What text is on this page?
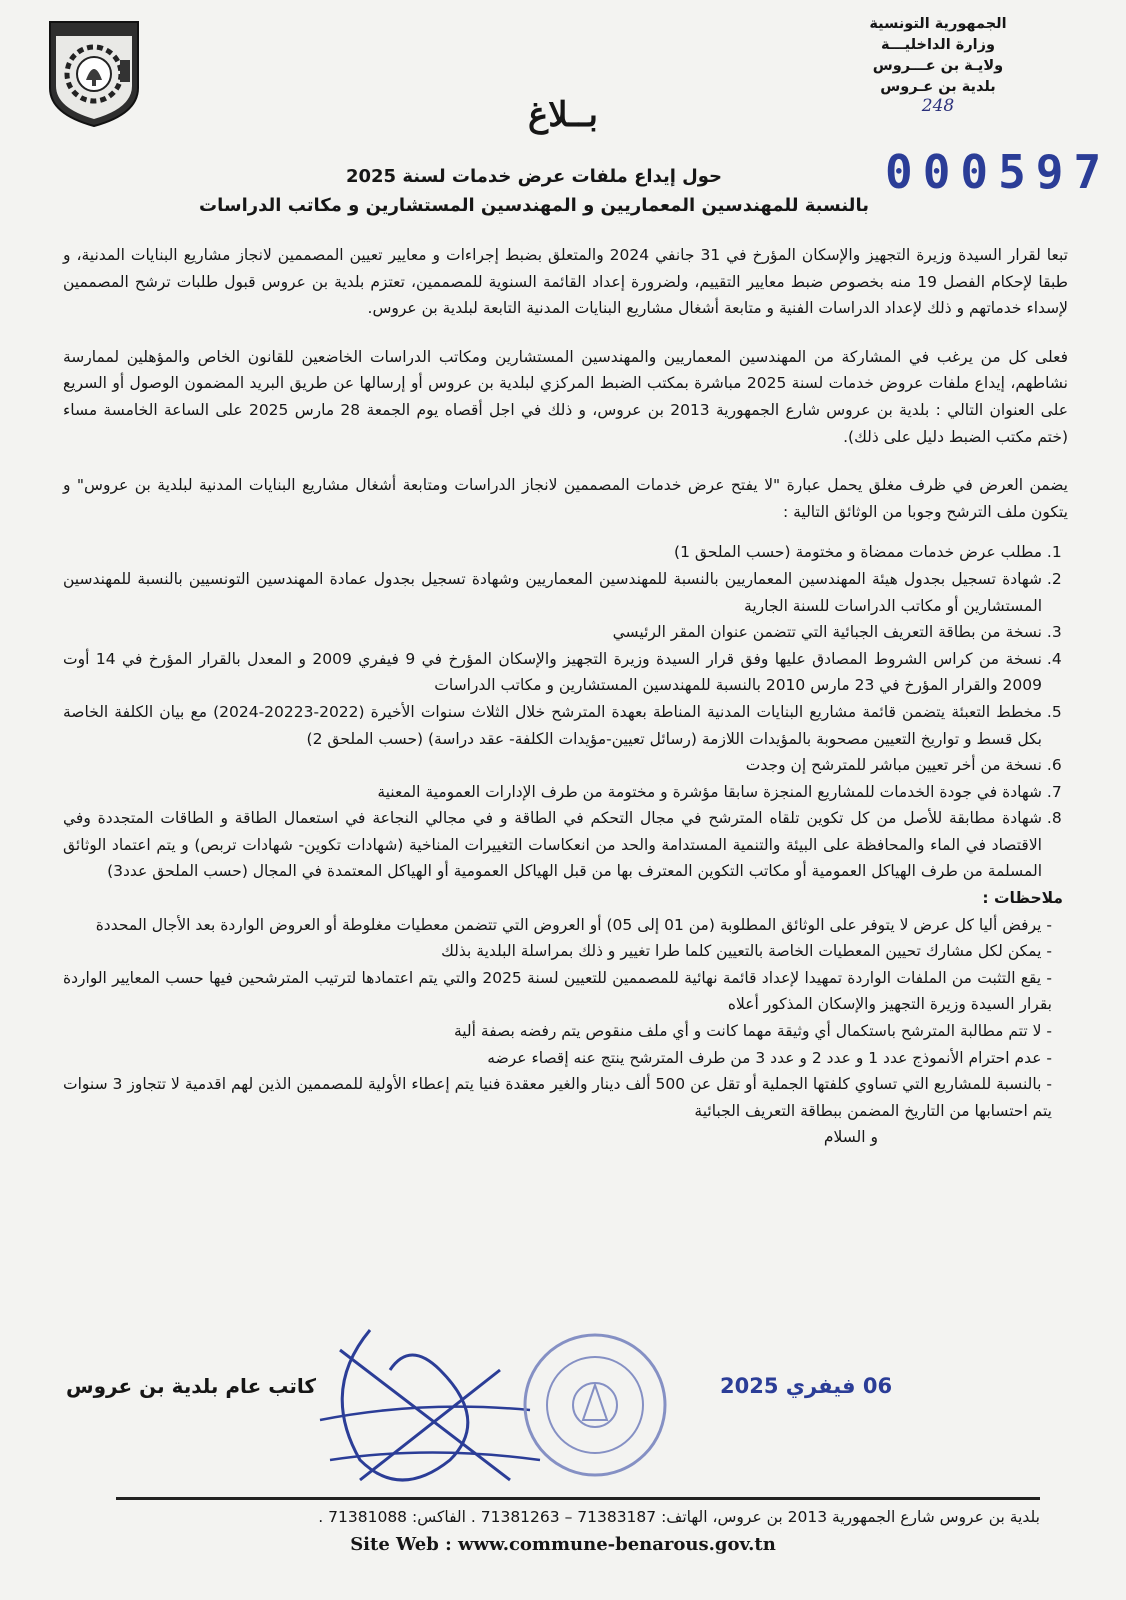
الجمهورية التونسية
وزارة الداخليـــة
ولايـة بن عـــروس
بلدية بن عـروس
248
بــلاغ
000597
حول إيداع ملفات عرض خدمات لسنة 2025
بالنسبة للمهندسين المعماريين و المهندسين المستشارين و مكاتب الدراسات

تبعا لقرار السيدة وزيرة التجهيز والإسكان المؤرخ في 31 جانفي 2024 والمتعلق بضبط إجراءات و معايير تعيين المصممين لانجاز مشاريع البنايات المدنية، و طبقا لإحكام الفصل 19 منه بخصوص ضبط معايير التقييم، ولضرورة إعداد القائمة السنوية للمصممين، تعتزم بلدية بن عروس قبول طلبات ترشح المصممين لإسداء خدماتهم و ذلك لإعداد الدراسات الفنية و متابعة أشغال مشاريع البنايات المدنية التابعة لبلدية بن عروس.

فعلى كل من يرغب في المشاركة من المهندسين المعماريين والمهندسين المستشارين ومكاتب الدراسات الخاضعين للقانون الخاص والمؤهلين لممارسة نشاطهم، إيداع ملفات عروض خدمات لسنة 2025 مباشرة بمكتب الضبط المركزي لبلدية بن عروس أو إرسالها عن طريق البريد المضمون الوصول أو السريع على العنوان التالي : بلدية بن عروس شارع الجمهورية 2013 بن عروس، و ذلك في اجل أقصاه يوم الجمعة 28 مارس 2025 على الساعة الخامسة مساء (ختم مكتب الضبط دليل على ذلك).

يضمن العرض في ظرف مغلق يحمل عبارة "لا يفتح عرض خدمات المصممين لانجاز الدراسات ومتابعة أشغال مشاريع البنايات المدنية لبلدية بن عروس" و يتكون ملف الترشح وجوبا من الوثائق التالية :

1. مطلب عرض خدمات ممضاة و مختومة (حسب الملحق 1)
2. شهادة تسجيل بجدول هيئة المهندسين المعماريين بالنسبة للمهندسين المعماريين وشهادة تسجيل بجدول عمادة المهندسين التونسيين بالنسبة للمهندسين المستشارين أو مكاتب الدراسات للسنة الجارية
3. نسخة من بطاقة التعريف الجبائية التي تتضمن عنوان المقر الرئيسي
4. نسخة من كراس الشروط المصادق عليها وفق قرار السيدة وزيرة التجهيز والإسكان المؤرخ في 9 فيفري 2009 و المعدل بالقرار المؤرخ في 14 أوت 2009 والقرار المؤرخ في 23 مارس 2010 بالنسبة للمهندسين المستشارين و مكاتب الدراسات
5. مخطط التعبئة يتضمن قائمة مشاريع البنايات المدنية المناطة بعهدة المترشح خلال الثلاث سنوات الأخيرة (2022-20223-2024) مع بيان الكلفة الخاصة بكل قسط و تواريخ التعيين مصحوبة بالمؤيدات اللازمة (رسائل تعيين-مؤيدات الكلفة- عقد دراسة) (حسب الملحق 2)
6. نسخة من أخر تعيين مباشر للمترشح إن وجدت
7. شهادة في جودة الخدمات للمشاريع المنجزة سابقا مؤشرة و مختومة من طرف الإدارات العمومية المعنية
8. شهادة مطابقة للأصل من كل تكوين تلقاه المترشح في مجال التحكم في الطاقة و في مجالي النجاعة في استعمال الطاقة و الطاقات المتجددة وفي الاقتصاد في الماء والمحافظة على البيئة والتنمية المستدامة والحد من انعكاسات التغييرات المناخية (شهادات تكوين- شهادات تربص) و يتم اعتماد الوثائق المسلمة من طرف الهياكل العمومية أو مكاتب التكوين المعترف بها من قبل الهياكل العمومية أو الهياكل المعتمدة في المجال (حسب الملحق عدد3)
ملاحظات :
- يرفض أليا كل عرض لا يتوفر على الوثائق المطلوبة (من 01 إلى 05) أو العروض التي تتضمن معطيات مغلوطة أو العروض الواردة بعد الأجال المحددة
- يمكن لكل مشارك تحيين المعطيات الخاصة بالتعيين كلما طرا تغيير و ذلك بمراسلة البلدية بذلك
- يقع التثبت من الملفات الواردة تمهيدا لإعداد قائمة نهائية للمصممين للتعيين لسنة 2025 والتي يتم اعتمادها لترتيب المترشحين فيها حسب المعايير الواردة بقرار السيدة وزيرة التجهيز والإسكان المذكور أعلاه
- لا تتم مطالبة المترشح باستكمال أي وثيقة مهما كانت و أي ملف منقوص يتم رفضه بصفة ألية
- عدم احترام الأنموذج عدد 1 و عدد 2 و عدد 3 من طرف المترشح ينتج عنه إقصاء عرضه
- بالنسبة للمشاريع التي تساوي كلفتها الجملية أو تقل عن 500 ألف دينار والغير معقدة فنيا يتم إعطاء الأولية للمصممين الذين لهم اقدمية لا تتجاوز 3 سنوات يتم احتسابها من التاريخ المضمن ببطاقة التعريف الجبائية
و السلام
كاتب عام بلدية بن عروس	06 فيفري 2025
بلدية بن عروس شارع الجمهورية 2013 بن عروس، الهاتف: 71383187 – 71381263 . الفاكس: 71381088 .
Site Web : www.commune-benarous.gov.tn
